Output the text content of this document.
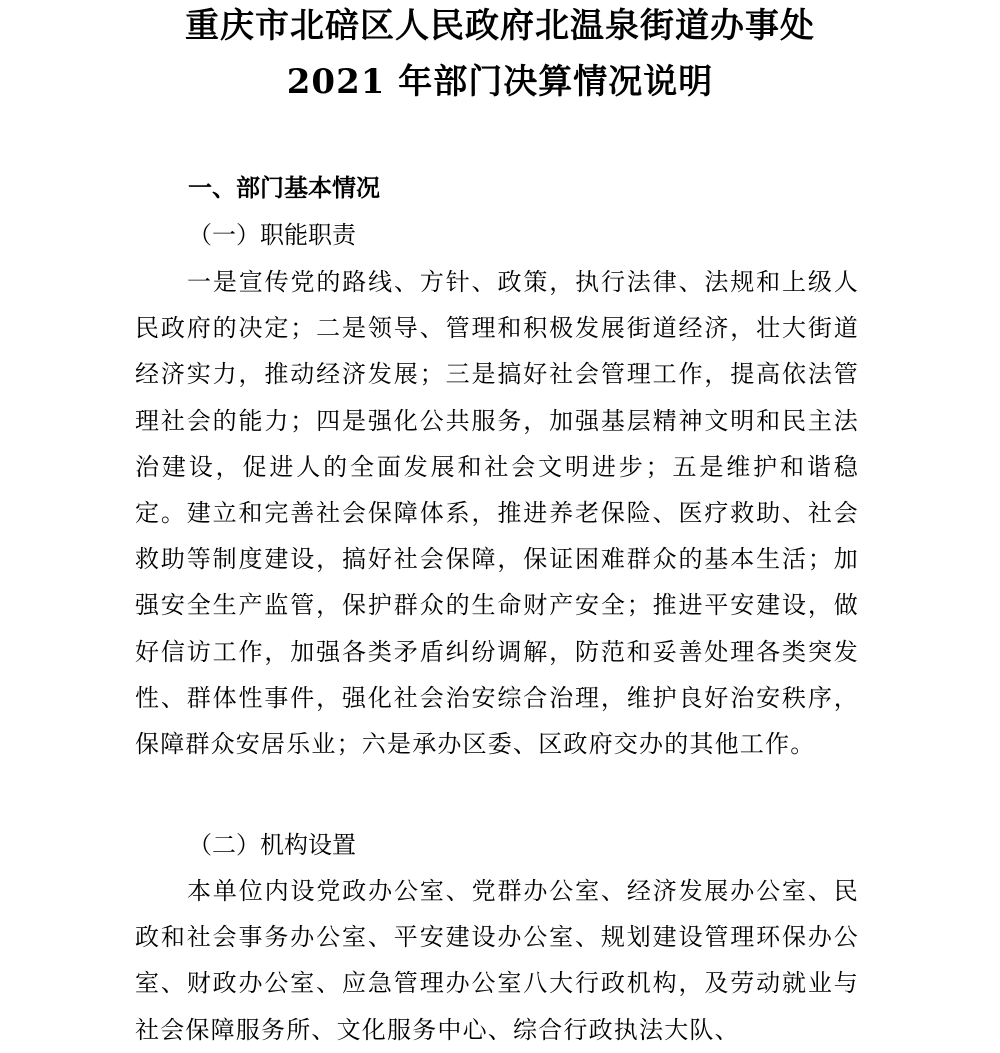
重庆市北碚区人民政府北温泉街道办事处
2021 年部门决算情况说明
一、部门基本情况
（一）职能职责

一是宣传党的路线、方针、政策，执行法律、法规和上级人民政府的决定；二是领导、管理和积极发展街道经济，壮大街道经济实力，推动经济发展；三是搞好社会管理工作，提高依法管理社会的能力；四是强化公共服务，加强基层精神文明和民主法治建设，促进人的全面发展和社会文明进步；五是维护和谐稳定。建立和完善社会保障体系，推进养老保险、医疗救助、社会救助等制度建设，搞好社会保障，保证困难群众的基本生活；加强安全生产监管，保护群众的生命财产安全；推进平安建设，做好信访工作，加强各类矛盾纠纷调解，防范和妥善处理各类突发性、群体性事件，强化社会治安综合治理，维护良好治安秩序，保障群众安居乐业；六是承办区委、区政府交办的其他工作。

（二）机构设置

本单位内设党政办公室、党群办公室、经济发展办公室、民政和社会事务办公室、平安建设办公室、规划建设管理环保办公室、财政办公室、应急管理办公室八大行政机构，及劳动就业与社会保障服务所、文化服务中心、综合行政执法大队、
